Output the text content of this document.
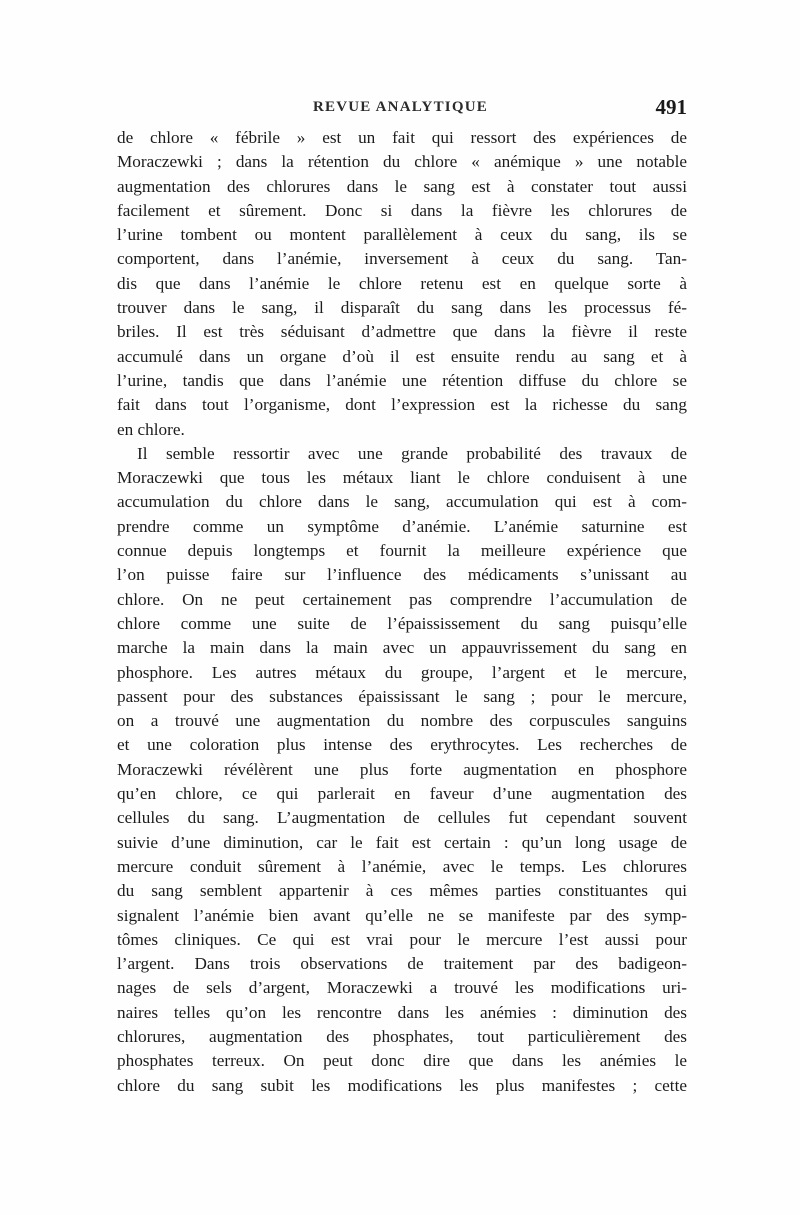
REVUE ANALYTIQUE	491
de chlore « fébrile » est un fait qui ressort des expériences de
Moraczewki ; dans la rétention du chlore « anémique » une notable
augmentation des chlorures dans le sang est à constater tout aussi
facilement et sûrement. Donc si dans la fièvre les chlorures de
l’urine tombent ou montent parallèlement à ceux du sang, ils se
comportent, dans l’anémie, inversement à ceux du sang. Tan-
dis que dans l’anémie le chlore retenu est en quelque sorte à
trouver dans le sang, il disparaît du sang dans les processus fé-
briles. Il est très séduisant d’admettre que dans la fièvre il reste
accumulé dans un organe d’où il est ensuite rendu au sang et à
l’urine, tandis que dans l’anémie une rétention diffuse du chlore se
fait dans tout l’organisme, dont l’expression est la richesse du sang
en chlore.
Il semble ressortir avec une grande probabilité des travaux de
Moraczewki que tous les métaux liant le chlore conduisent à une
accumulation du chlore dans le sang, accumulation qui est à com-
prendre comme un symptôme d’anémie. L’anémie saturnine est
connue depuis longtemps et fournit la meilleure expérience que
l’on puisse faire sur l’influence des médicaments s’unissant au
chlore. On ne peut certainement pas comprendre l’accumulation de
chlore comme une suite de l’épaississement du sang puisqu’elle
marche la main dans la main avec un appauvrissement du sang en
phosphore. Les autres métaux du groupe, l’argent et le mercure,
passent pour des substances épaississant le sang ; pour le mercure,
on a trouvé une augmentation du nombre des corpuscules sanguins
et une coloration plus intense des erythrocytes. Les recherches de
Moraczewki révélèrent une plus forte augmentation en phosphore
qu’en chlore, ce qui parlerait en faveur d’une augmentation des
cellules du sang. L’augmentation de cellules fut cependant souvent
suivie d’une diminution, car le fait est certain : qu’un long usage de
mercure conduit sûrement à l’anémie, avec le temps. Les chlorures
du sang semblent appartenir à ces mêmes parties constituantes qui
signalent l’anémie bien avant qu’elle ne se manifeste par des symp-
tômes cliniques. Ce qui est vrai pour le mercure l’est aussi pour
l’argent. Dans trois observations de traitement par des badigeon-
nages de sels d’argent, Moraczewki a trouvé les modifications uri-
naires telles qu’on les rencontre dans les anémies : diminution des
chlorures, augmentation des phosphates, tout particulièrement des
phosphates terreux. On peut donc dire que dans les anémies le
chlore du sang subit les modifications les plus manifestes ; cette
